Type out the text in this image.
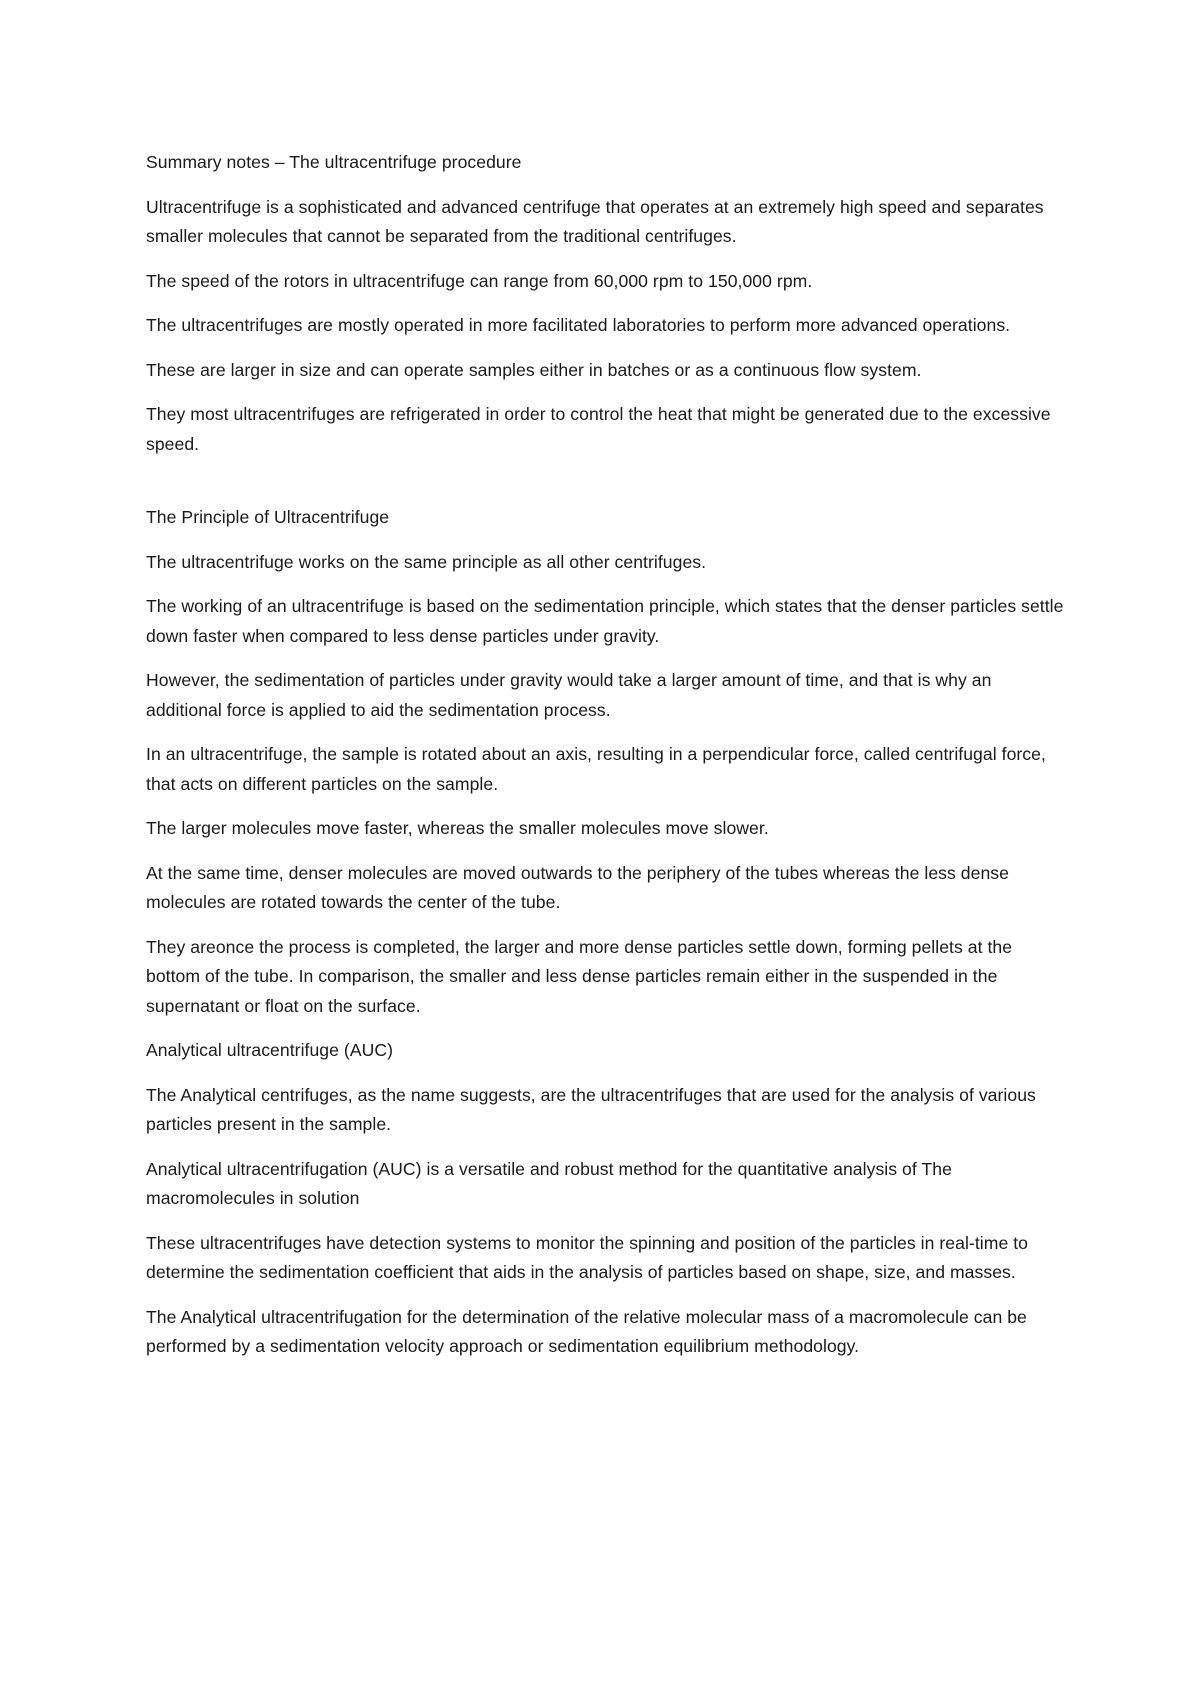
Summary notes – The ultracentrifuge procedure

Ultracentrifuge is a sophisticated and advanced centrifuge that operates at an extremely high speed and separates smaller molecules that cannot be separated from the traditional centrifuges.

The speed of the rotors in ultracentrifuge can range from 60,000 rpm to 150,000 rpm.

The ultracentrifuges are mostly operated in more facilitated laboratories to perform more advanced operations.

These are larger in size and can operate samples either in batches or as a continuous flow system.

They most ultracentrifuges are refrigerated in order to control the heat that might be generated due to the excessive speed.

The Principle of Ultracentrifuge

The ultracentrifuge works on the same principle as all other centrifuges.

The working of an ultracentrifuge is based on the sedimentation principle, which states that the denser particles settle down faster when compared to less dense particles under gravity.

However, the sedimentation of particles under gravity would take a larger amount of time, and that is why an additional force is applied to aid the sedimentation process.

In an ultracentrifuge, the sample is rotated about an axis, resulting in a perpendicular force, called centrifugal force, that acts on different particles on the sample.

The larger molecules move faster, whereas the smaller molecules move slower.

At the same time, denser molecules are moved outwards to the periphery of the tubes whereas the less dense molecules are rotated towards the center of the tube.

They areonce the process is completed, the larger and more dense particles settle down, forming pellets at the bottom of the tube. In comparison, the smaller and less dense particles remain either in the suspended in the supernatant or float on the surface.

Analytical ultracentrifuge (AUC)

The Analytical centrifuges, as the name suggests, are the ultracentrifuges that are used for the analysis of various particles present in the sample.

Analytical ultracentrifugation (AUC) is a versatile and robust method for the quantitative analysis of The macromolecules in solution

These ultracentrifuges have detection systems to monitor the spinning and position of the particles in real-time to determine the sedimentation coefficient that aids in the analysis of particles based on shape, size, and masses.

The Analytical ultracentrifugation for the determination of the relative molecular mass of a macromolecule can be performed by a sedimentation velocity approach or sedimentation equilibrium methodology.
